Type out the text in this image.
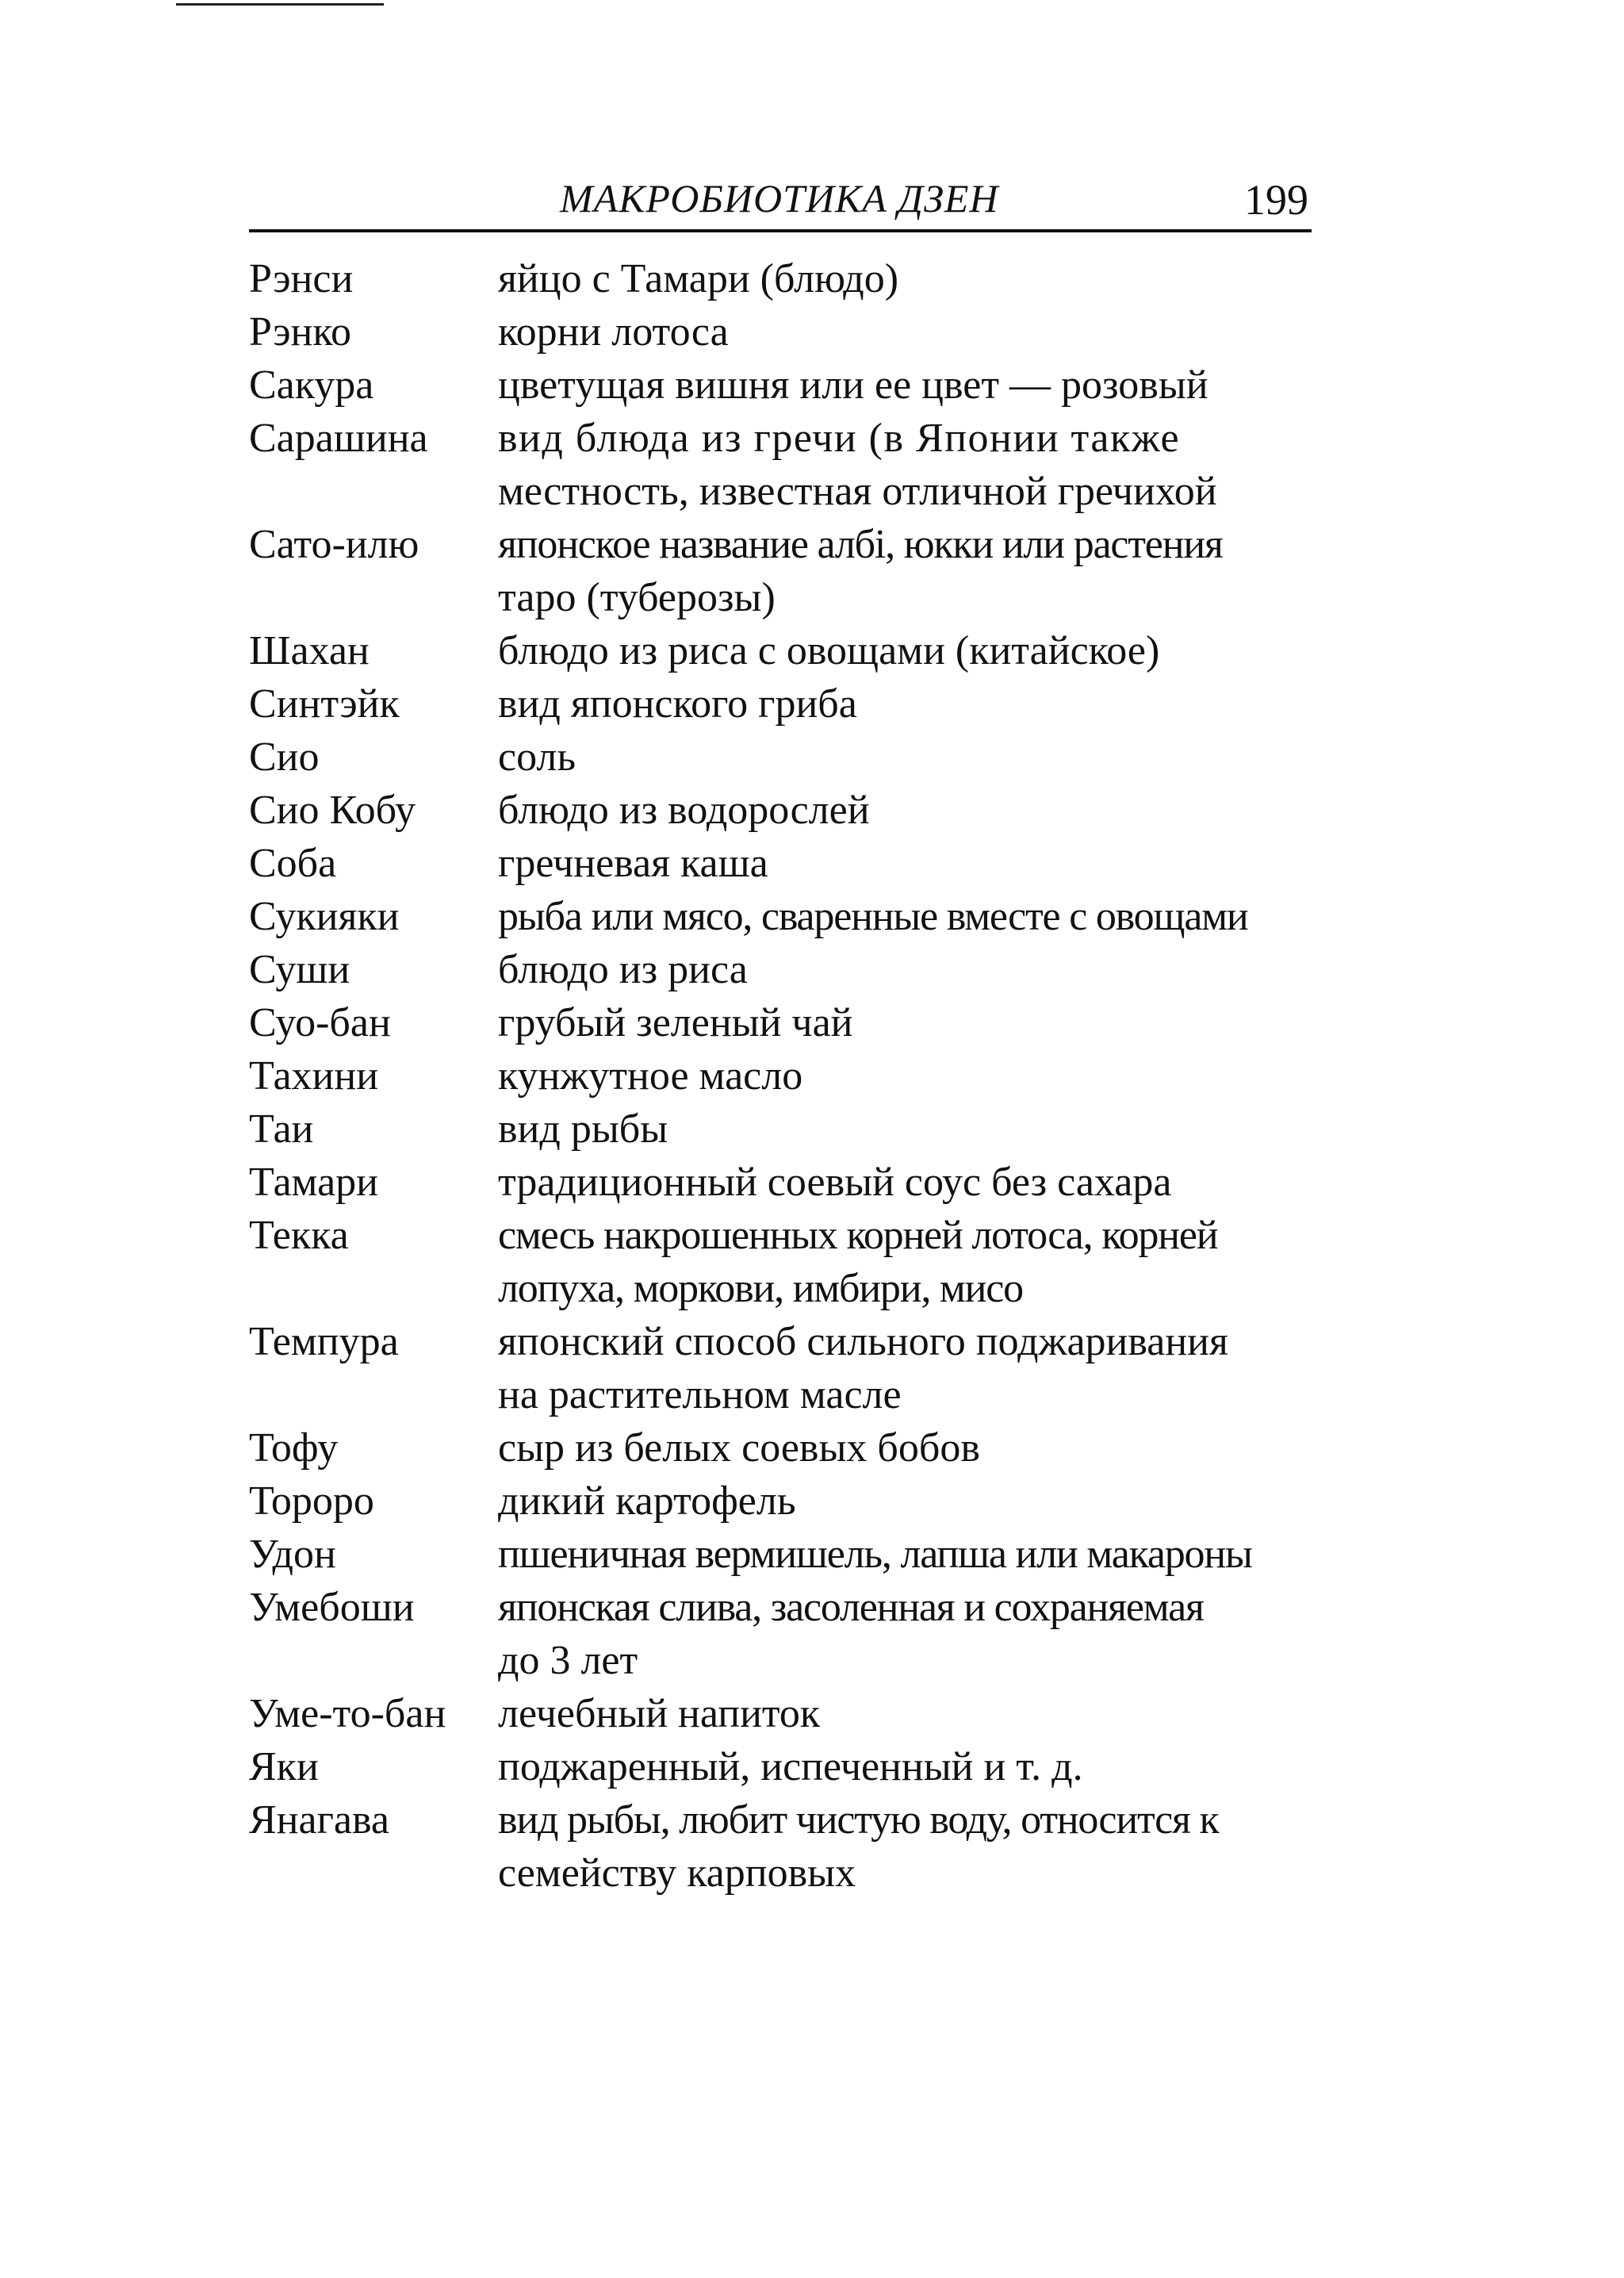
МАКРОБИОТИКА ДЗЕН	199
Рэнси	яйцо с Тамари (блюдо)
Рэнко	корни лотоса
Сакура	цветущая вишня или ее цвет — розовый
Сарашина	вид блюда из гречи (в Японии также
местность, известная отличной гречихой
Сато-илю	японское название албi, юкки или растения
таро (туберозы)
Шахан	блюдо из риса с овощами (китайское)
Синтэйк	вид японского гриба
Сио	соль
Сио Кобу	блюдо из водорослей
Соба	гречневая каша
Сукияки	рыба или мясо, сваренные вместе с овощами
Суши	блюдо из риса
Суо-бан	грубый зеленый чай
Тахини	кунжутное масло
Таи	вид рыбы
Тамари	традиционный соевый соус без сахара
Текка	смесь накрошенных корней лотоса, корней
лопуха, моркови, имбири, мисо
Темпура	японский способ сильного поджаривания
на растительном масле
Тофу	сыр из белых соевых бобов
Тороро	дикий картофель
Удон	пшеничная вермишель, лапша или макароны
Умебоши	японская слива, засоленная и сохраняемая
до 3 лет
Уме-то-бан	лечебный напиток
Яки	поджаренный, испеченный и т. д.
Янагава	вид рыбы, любит чистую воду, относится к
семейству карповых
